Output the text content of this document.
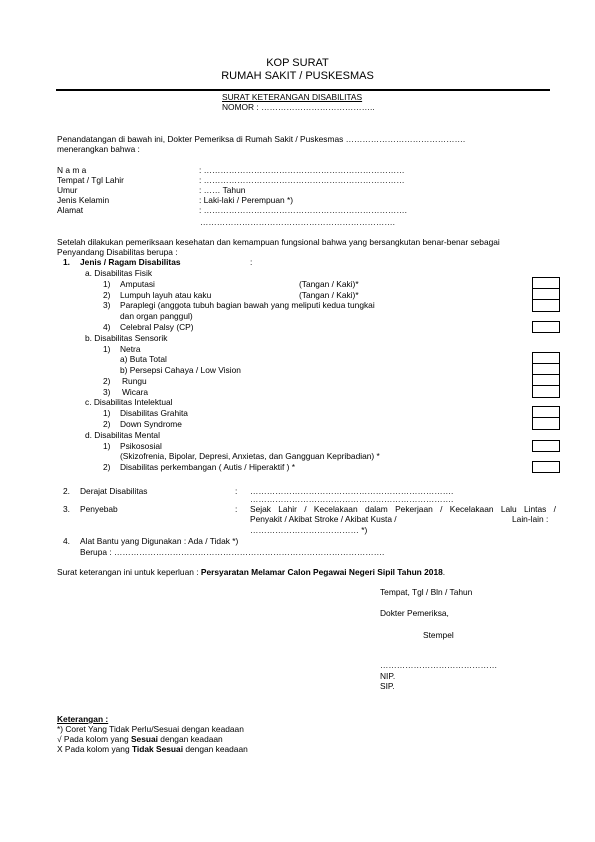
KOP SURAT
RUMAH SAKIT / PUSKESMAS
SURAT KETERANGAN DISABILITAS
NOMOR : …………………………………..
Penandatangan di bawah ini, Dokter Pemeriksa di Rumah Sakit / Puskesmas …………………………………….
menerangkan bahwa :
N a m a	: ………………………………………………………………
Tempat / Tgl Lahir	: ………………………………………………………………
Umur	: …… Tahun
Jenis Kelamin	: Laki-laki / Perempuan *)
Alamat	: ……………………………………………………………….
…………………………………………………………….
Setelah dilakukan pemeriksaan kesehatan dan kemampuan fungsional bahwa yang bersangkutan benar-benar sebagai
Penyandang Disabilitas berupa :
1. Jenis / Ragam Disabilitas	:
a. Disabilitas Fisik
1) Amputasi	(Tangan / Kaki)*
2) Lumpuh layuh atau kaku	(Tangan / Kaki)*
3) Paraplegi (anggota tubuh bagian bawah yang meliputi kedua tungkai
dan organ panggul)
4) Celebral Palsy (CP)
b. Disabilitas Sensorik
1) Netra
a) Buta Total
b) Persepsi Cahaya / Low Vision
2) Rungu
3) Wicara
c. Disabilitas Intelektual
1) Disabilitas Grahita
2) Down Syndrome
d. Disabilitas Mental
1) Psikososial
(Skizofrenia, Bipolar, Depresi, Anxietas, dan Gangguan Kepribadian) *
2) Disabilitas perkembangan ( Autis / Hiperaktif ) *
2. Derajat Disabilitas	: ……………………………………………………………….
……………………………………………………………….
3. Penyebab	: Sejak Lahir / Kecelakaan dalam Pekerjaan / Kecelakaan Lalu Lintas /
Penyakit / Akibat Stroke / Akibat Kusta /	Lain-lain :
………………………………… *)
4. Alat Bantu yang Digunakan : Ada / Tidak *)
Berupa : …………………………………………………………………………………….
Surat keterangan ini untuk keperluan : Persyaratan Melamar Calon Pegawai Negeri Sipil Tahun 2018.
Tempat, Tgl / Bln / Tahun
Dokter Pemeriksa,
Stempel
……………………………………
NIP.
SIP.
Keterangan :
*) Coret Yang Tidak Perlu/Sesuai dengan keadaan
√ Pada kolom yang Sesuai dengan keadaan
X Pada kolom yang Tidak Sesuai dengan keadaan
